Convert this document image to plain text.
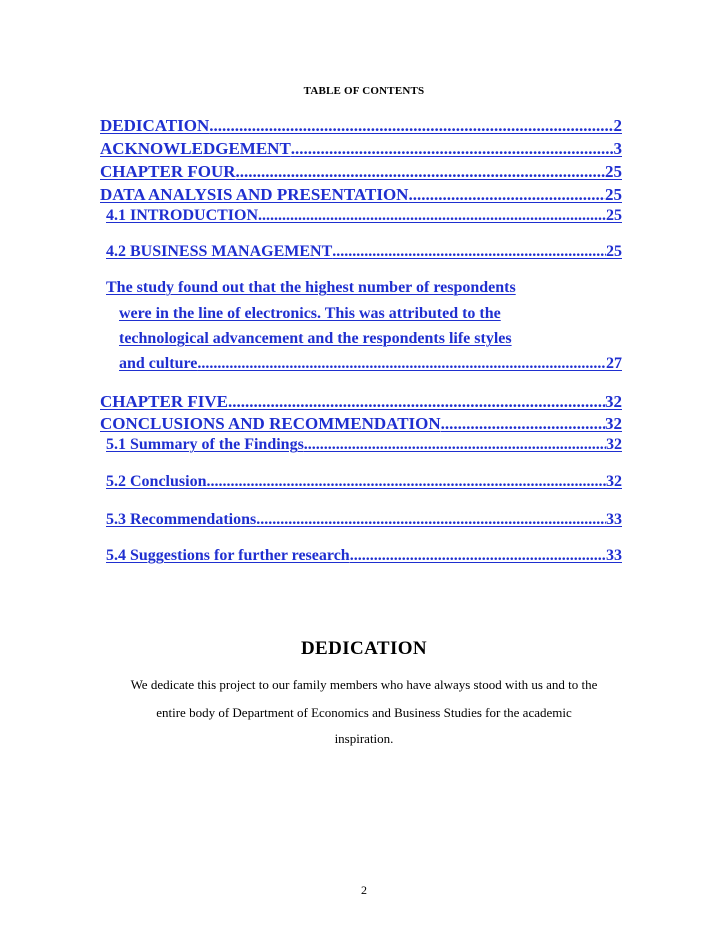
TABLE OF CONTENTS
DEDICATION .....	2
ACKNOWLEDGEMENT .....	3
CHAPTER FOUR .....	25
DATA ANALYSIS AND PRESENTATION .....	25
4.1 INTRODUCTION .....	25
4.2 BUSINESS MANAGEMENT .....	25
The study found out that the highest number of respondents
were in the line of electronics. This was attributed to the
technological advancement and the respondents life styles
and culture .....	27
CHAPTER FIVE .....	32
CONCLUSIONS AND RECOMMENDATION .....	32
5.1 Summary of the Findings .....	32
5.2 Conclusion .....	32
5.3 Recommendations .....	33
5.4 Suggestions for further research .....	33
DEDICATION
We dedicate this project to our family members who have always stood with us and to the
entire body of Department of Economics and Business Studies for the academic
inspiration.
2
